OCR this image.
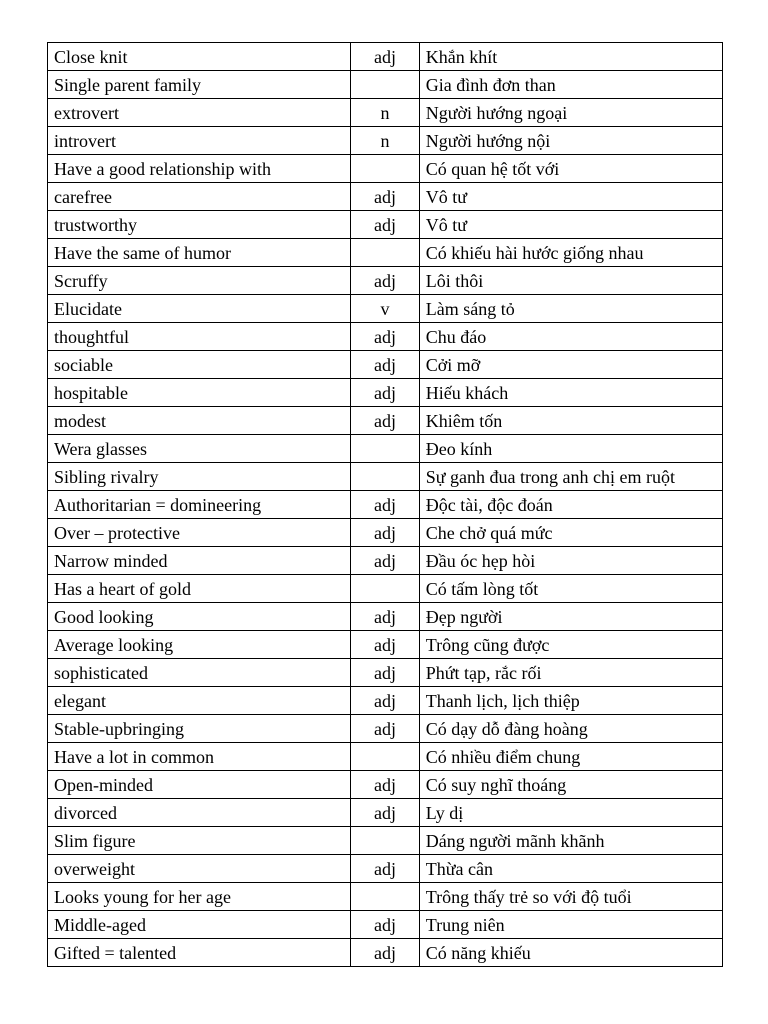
Close knit	adj	Khắn khít
Single parent family		Gia đình đơn than
extrovert	n	Người hướng ngoại
introvert	n	Người hướng nội
Have a good relationship with		Có quan hệ tốt với
carefree	adj	Vô tư
trustworthy	adj	Vô tư
Have the same of humor		Có khiếu hài hước giống nhau
Scruffy	adj	Lôi thôi
Elucidate	v	Làm sáng tỏ
thoughtful	adj	Chu đáo
sociable	adj	Cởi mỡ
hospitable	adj	Hiếu khách
modest	adj	Khiêm tốn
Wera glasses		Đeo kính
Sibling rivalry		Sự ganh đua trong anh chị em ruột
Authoritarian = domineering	adj	Độc tài, độc đoán
Over – protective	adj	Che chở quá mức
Narrow minded	adj	Đầu óc hẹp hòi
Has a heart of gold		Có tấm lòng tốt
Good looking	adj	Đẹp người
Average looking	adj	Trông cũng được
sophisticated	adj	Phứt tạp, rắc rối
elegant	adj	Thanh lịch, lịch thiệp
Stable-upbringing	adj	Có dạy dỗ đàng hoàng
Have a lot in common		Có nhiều điểm chung
Open-minded	adj	Có suy nghĩ thoáng
divorced	adj	Ly dị
Slim figure		Dáng người mãnh khãnh
overweight	adj	Thừa cân
Looks young for her age		Trông thấy trẻ so với độ tuổi
Middle-aged	adj	Trung niên
Gifted = talented	adj	Có năng khiếu
